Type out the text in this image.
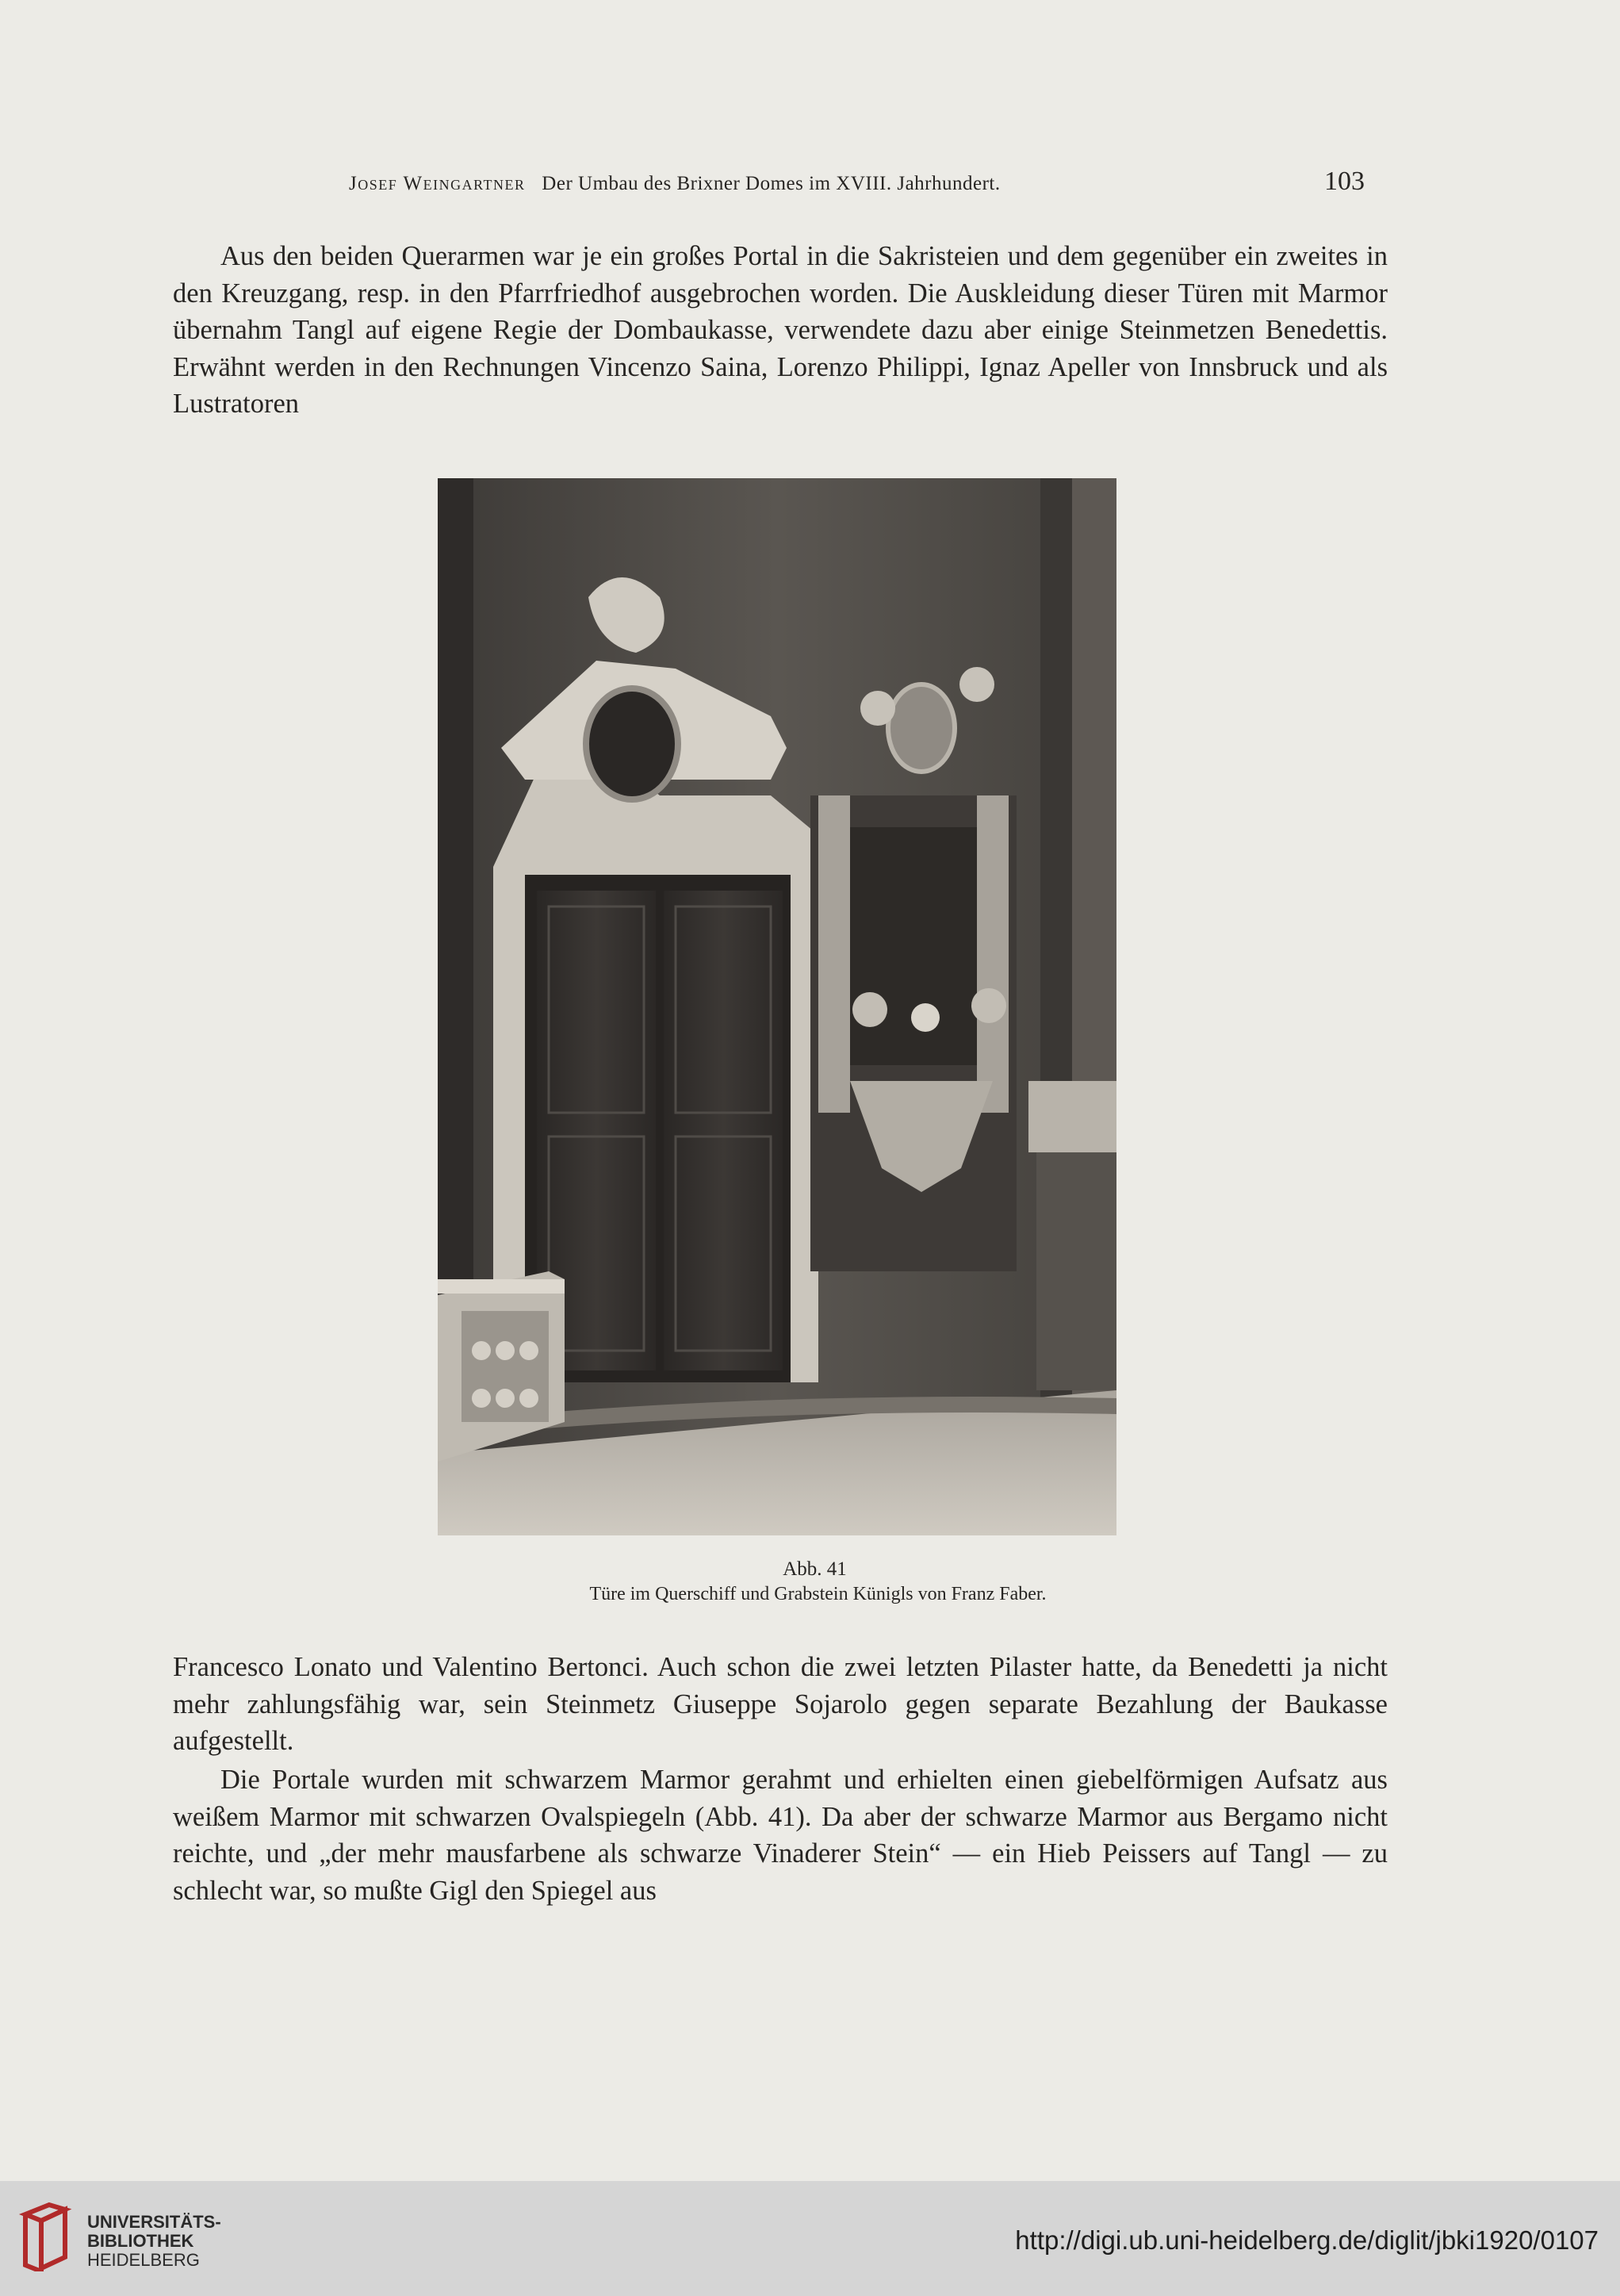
Josef Weingartner Der Umbau des Brixner Domes im XVIII. Jahrhundert.	103

Aus den beiden Querarmen war je ein großes Portal in die Sakristeien und dem gegenüber ein zweites in den Kreuzgang, resp. in den Pfarrfriedhof ausgebrochen worden. Die Auskleidung dieser Türen mit Marmor übernahm Tangl auf eigene Regie der Dombaukasse, verwendete dazu aber einige Steinmetzen Benedettis. Erwähnt werden in den Rechnungen Vincenzo Saina, Lorenzo Philippi, Ignaz Apeller von Innsbruck und als Lustratoren

Abb. 41
Türe im Querschiff und Grabstein Künigls von Franz Faber.

Francesco Lonato und Valentino Bertonci. Auch schon die zwei letzten Pilaster hatte, da Benedetti ja nicht mehr zahlungsfähig war, sein Steinmetz Giuseppe Sojarolo gegen separate Bezahlung der Baukasse aufgestellt.

Die Portale wurden mit schwarzem Marmor gerahmt und erhielten einen giebelförmigen Aufsatz aus weißem Marmor mit schwarzen Ovalspiegeln (Abb. 41). Da aber der schwarze Marmor aus Bergamo nicht reichte, und „der mehr mausfarbene als schwarze Vinaderer Stein“ — ein Hieb Peissers auf Tangl — zu schlecht war, so mußte Gigl den Spiegel aus

UNIVERSITÄTS-
BIBLIOTHEK
HEIDELBERG
http://digi.ub.uni-heidelberg.de/diglit/jbki1920/0107
